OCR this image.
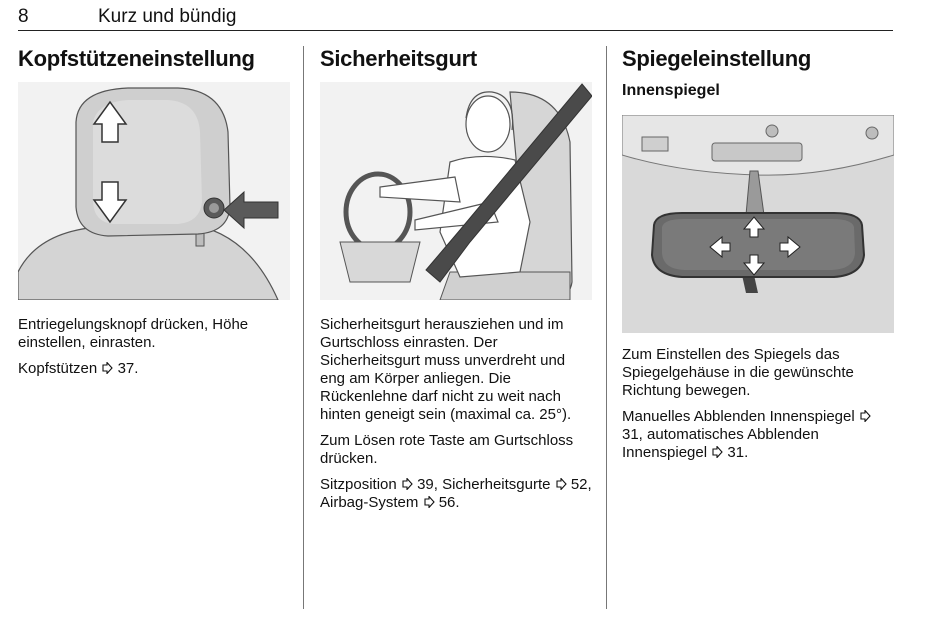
8	Kurz und bündig
Kopfstützeneinstellung

Entriegelungsknopf drücken, Höhe einstellen, einrasten.

Kopfstützen 37.

Sicherheitsgurt

Sicherheitsgurt herausziehen und im Gurtschloss einrasten. Der Sicherheitsgurt muss unverdreht und eng am Körper anliegen. Die Rückenlehne darf nicht zu weit nach hinten geneigt sein (maximal ca. 25°).

Zum Lösen rote Taste am Gurtschloss drücken.

Sitzposition 39, Sicherheitsgurte 52, Airbag-System 56.

Spiegeleinstellung
Innenspiegel

Zum Einstellen des Spiegels das Spiegelgehäuse in die gewünschte Richtung bewegen.

Manuelles Abblenden Innenspiegel  31, automatisches Abblenden Innenspiegel 31.
